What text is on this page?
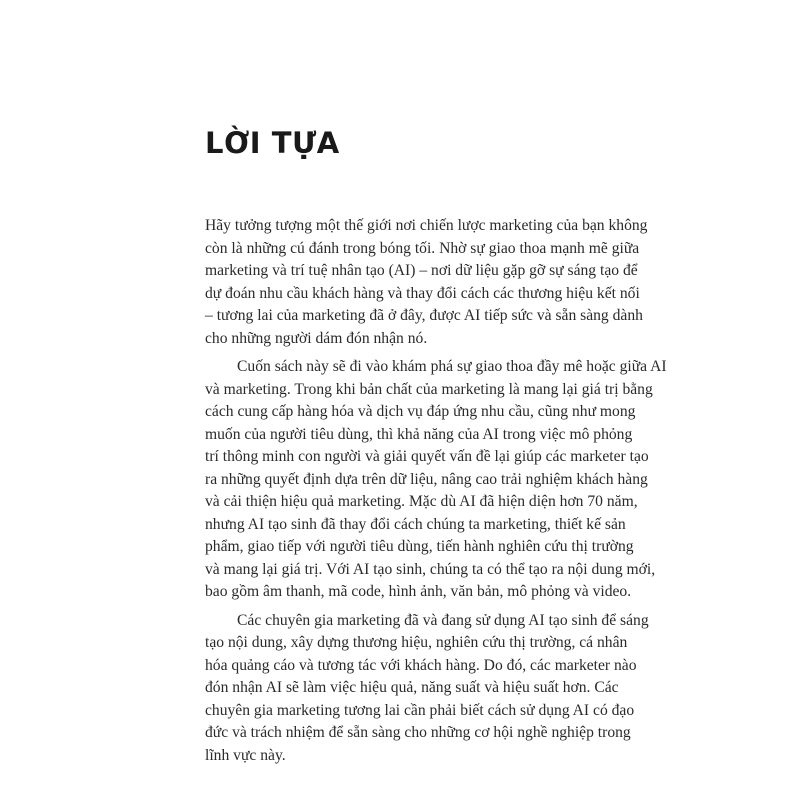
LỜI TỰA

Hãy tưởng tượng một thế giới nơi chiến lược marketing của bạn không
còn là những cú đánh trong bóng tối. Nhờ sự giao thoa mạnh mẽ giữa
marketing và trí tuệ nhân tạo (AI) – nơi dữ liệu gặp gỡ sự sáng tạo để
dự đoán nhu cầu khách hàng và thay đổi cách các thương hiệu kết nối
– tương lai của marketing đã ở đây, được AI tiếp sức và sẵn sàng dành
cho những người dám đón nhận nó.

Cuốn sách này sẽ đi vào khám phá sự giao thoa đầy mê hoặc giữa AI
và marketing. Trong khi bản chất của marketing là mang lại giá trị bằng
cách cung cấp hàng hóa và dịch vụ đáp ứng nhu cầu, cũng như mong
muốn của người tiêu dùng, thì khả năng của AI trong việc mô phỏng
trí thông minh con người và giải quyết vấn đề lại giúp các marketer tạo
ra những quyết định dựa trên dữ liệu, nâng cao trải nghiệm khách hàng
và cải thiện hiệu quả marketing. Mặc dù AI đã hiện diện hơn 70 năm,
nhưng AI tạo sinh đã thay đổi cách chúng ta marketing, thiết kế sản
phẩm, giao tiếp với người tiêu dùng, tiến hành nghiên cứu thị trường
và mang lại giá trị. Với AI tạo sinh, chúng ta có thể tạo ra nội dung mới,
bao gồm âm thanh, mã code, hình ảnh, văn bản, mô phỏng và video.

Các chuyên gia marketing đã và đang sử dụng AI tạo sinh để sáng
tạo nội dung, xây dựng thương hiệu, nghiên cứu thị trường, cá nhân
hóa quảng cáo và tương tác với khách hàng. Do đó, các marketer nào
đón nhận AI sẽ làm việc hiệu quả, năng suất và hiệu suất hơn. Các
chuyên gia marketing tương lai cần phải biết cách sử dụng AI có đạo
đức và trách nhiệm để sẵn sàng cho những cơ hội nghề nghiệp trong
lĩnh vực này.
